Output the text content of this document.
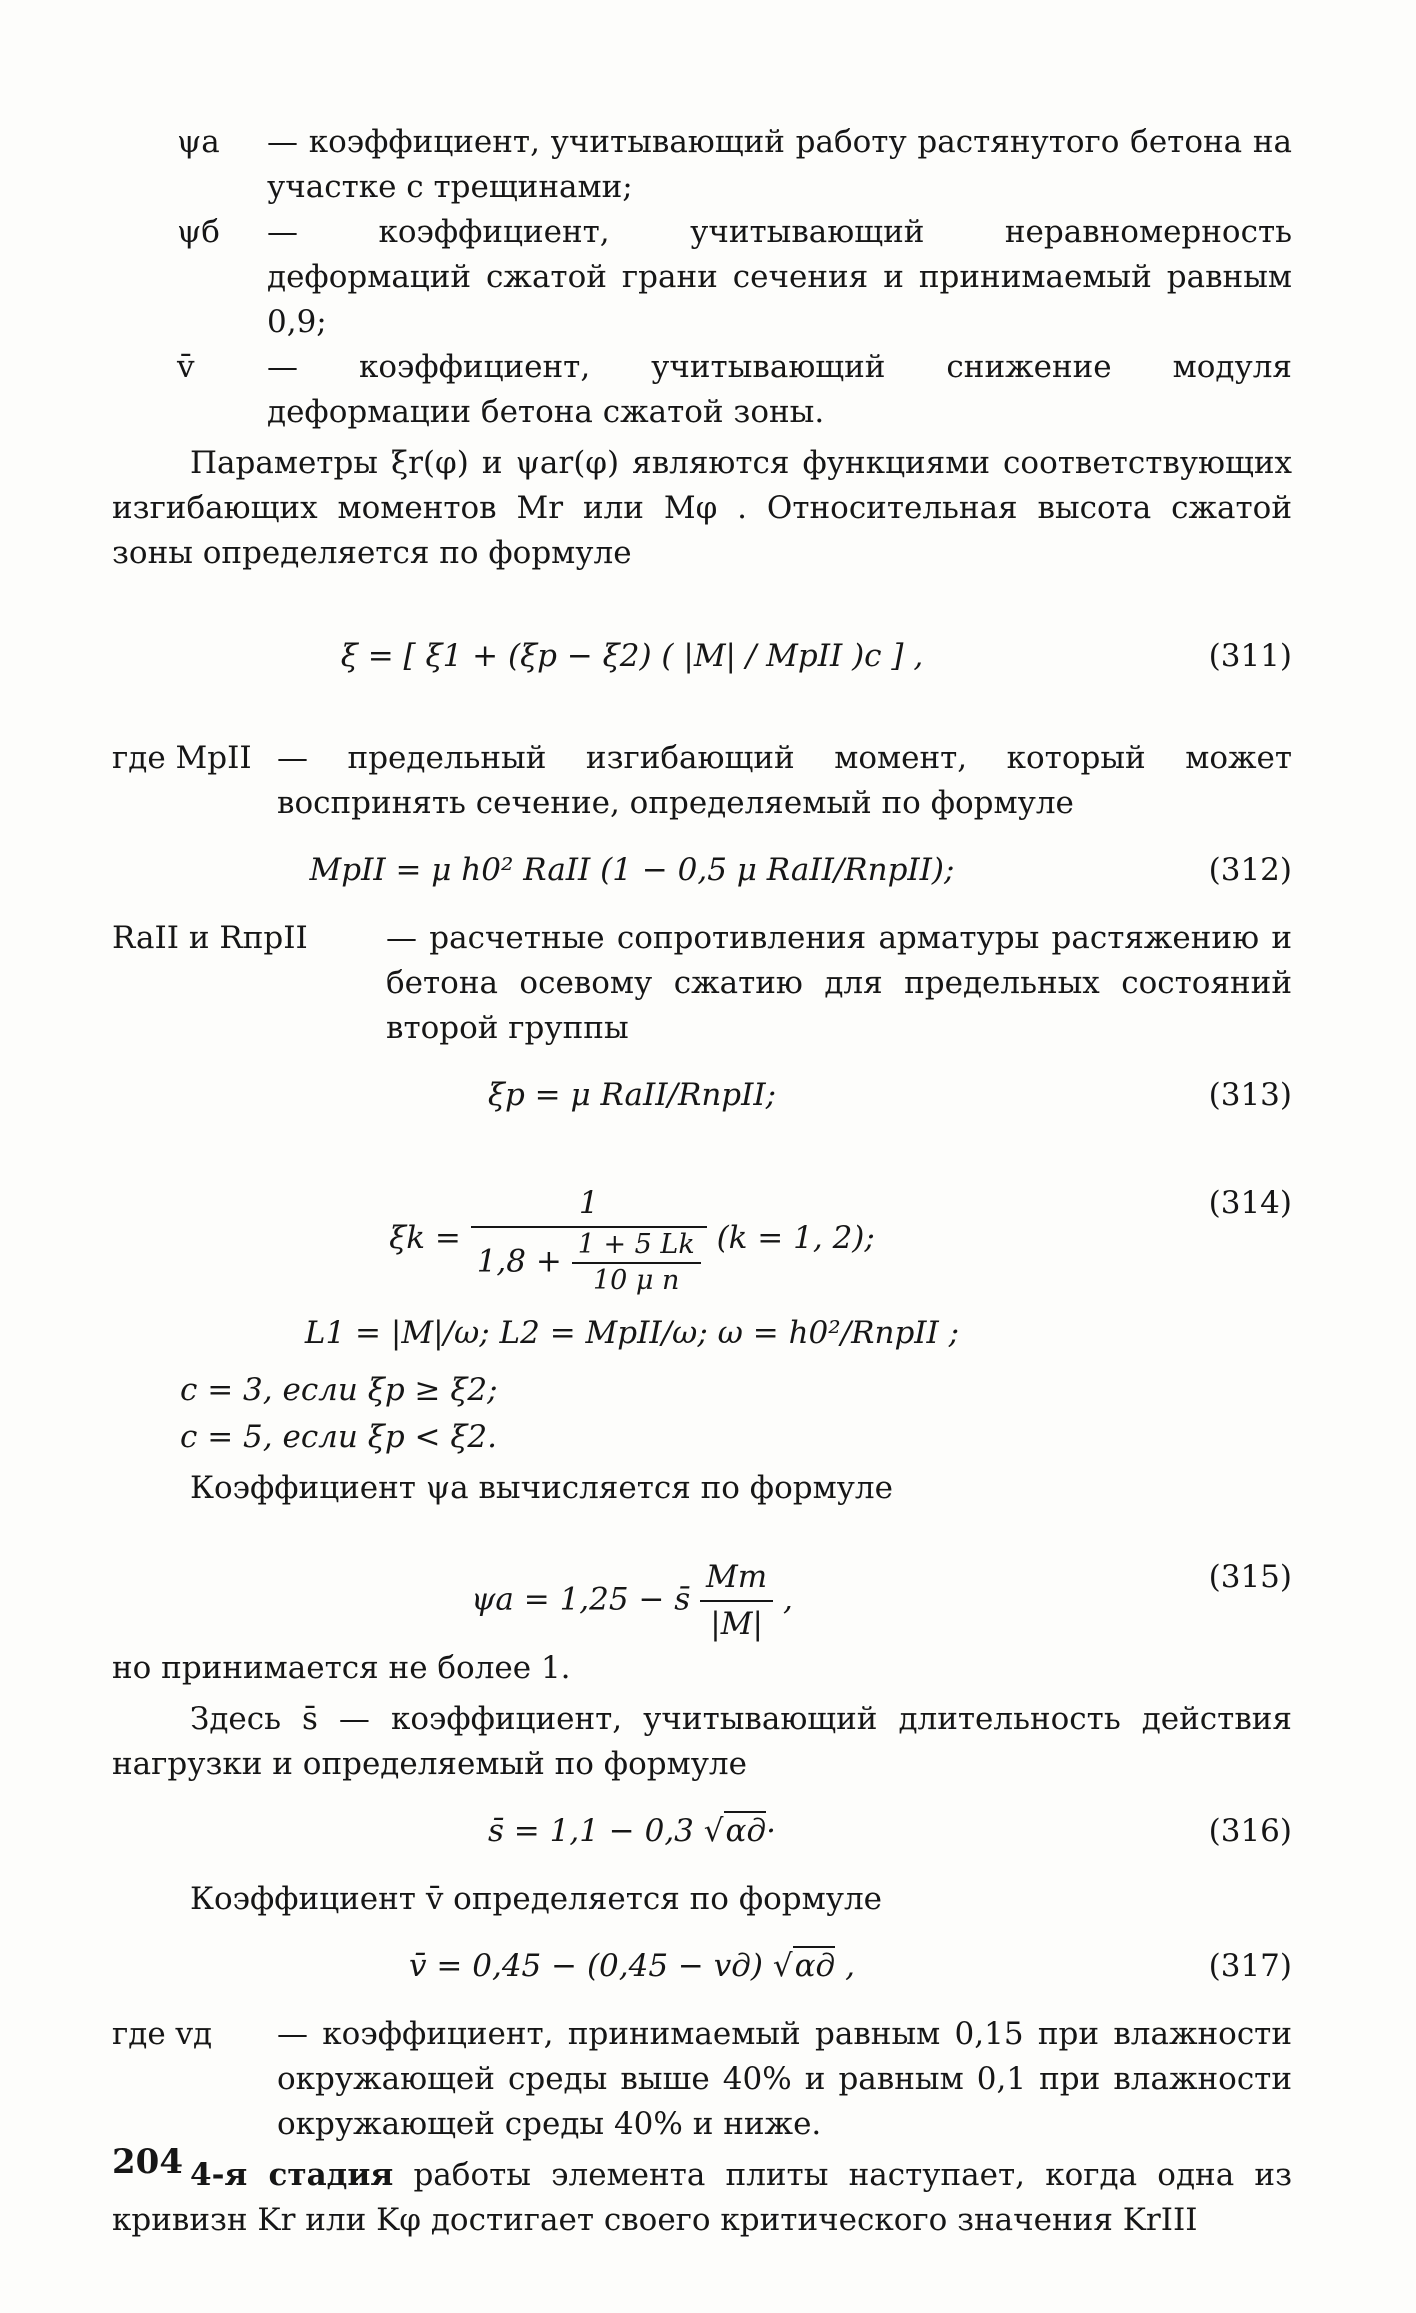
ψа — коэффициент, учитывающий работу растянутого бетона на участке с трещинами;
ψб — коэффициент, учитывающий неравномерность деформаций сжатой грани сечения и принимаемый равным 0,9;
v̄ — коэффициент, учитывающий снижение модуля деформации бетона сжатой зоны.

Параметры ξr(φ) и ψar(φ) являются функциями соответствующих изгибающих моментов Mr или Mφ . Относительная высота сжатой зоны определяется по формуле

ξ = [ ξ1 + (ξp − ξ2) ( |M| / MpII )c ] ,	(311)
где MpII — предельный изгибающий момент, который может воспринять сечение, определяемый по формуле
MpII = μ h0² RaII (1 − 0,5 μ RaII/RпрII);	(312)
RaII и RпрII	— расчетные сопротивления арматуры растяжению и бетона осевому сжатию для предельных состояний второй группы
ξp = μ RaII/RпрII;	(313)
$\xi k = \frac{1}{1,8 + \frac{1 + 5 Lk}{\text{10 μ n}}} (k = 1$, 2);
(314)
L1 = |M|/ω; L2 = MpII/ω; ω = h0²/RпрII ;
c = 3, если ξp ≥ ξ2;
c = 5, если ξp < ξ2.

Коэффициент ψа вычисляется по формуле

ψа = 1,25 − s̄ $\frac{Mт}{|M|}$ ,
(315)

но принимается не более 1.

Здесь s̄ — коэффициент, учитывающий длительность действия нагрузки и определяемый по формуле

s̄ = 1,1 − 0,3 √αд·	(316)

Коэффициент v̄ определяется по формуле

v̄ = 0,45 − (0,45 − vд) √αд ,	(317)
где vд — коэффициент, принимаемый равным 0,15 при влажности окружающей среды выше 40% и равным 0,1 при влажности окружающей среды 40% и ниже.

4-я стадия работы элемента плиты наступает, когда одна из кривизн Kr или Kφ достигает своего критического значения KrIII

204
